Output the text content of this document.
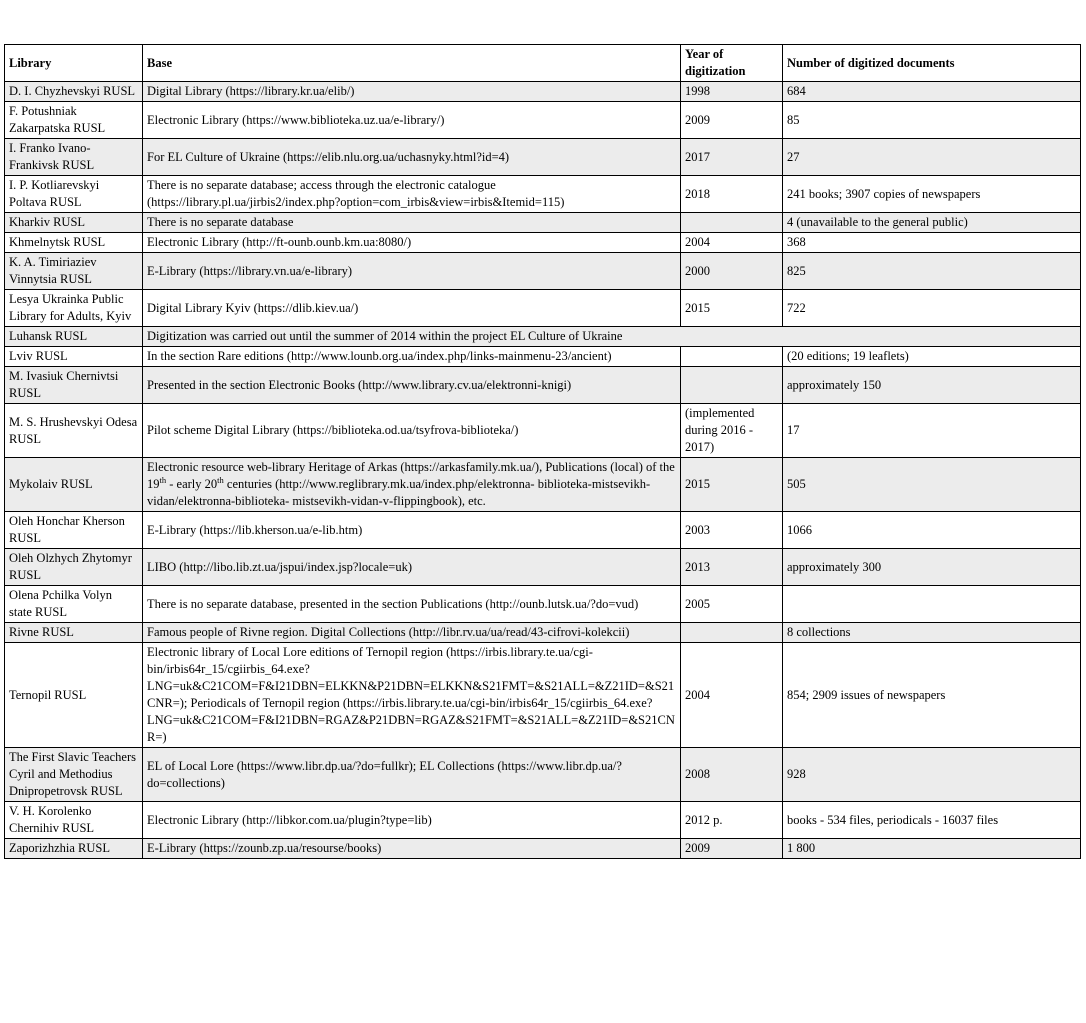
Library	Base	Year of digitization	Number of digitized documents
D. I. Chyzhevskyi RUSL	Digital Library (https://library.kr.ua/elib/)	1998	684
F. Potushniak Zakarpatska RUSL	Electronic Library (https://www.biblioteka.uz.ua/e-library/)	2009	85
I. Franko Ivano-Frankivsk RUSL	For EL Culture of Ukraine (https://elib.nlu.org.ua/uchasnyky.html?id=4)	2017	27
I. P. Kotliarevskyi Poltava RUSL	There is no separate database; access through the electronic catalogue (https://library.pl.ua/jirbis2/index.php?option=com_irbis&view=irbis&Itemid=115)	2018	241 books; 3907 copies of newspapers
Kharkiv RUSL	There is no separate database		4 (unavailable to the general public)
Khmelnytsk RUSL	Electronic Library (http://ft-ounb.ounb.km.ua:8080/)	2004	368
K. A. Timiriaziev Vinnytsia RUSL	E-Library (https://library.vn.ua/e-library)	2000	825
Lesya Ukrainka Public Library for Adults, Kyiv	Digital Library Kyiv (https://dlib.kiev.ua/)	2015	722
Luhansk RUSL	Digitization was carried out until the summer of 2014 within the project EL Culture of Ukraine		
Lviv RUSL	In the section Rare editions (http://www.lounb.org.ua/index.php/links-mainmenu-23/ancient)		(20 editions; 19 leaflets)
M. Ivasiuk Chernivtsi RUSL	Presented in the section Electronic Books (http://www.library.cv.ua/elektronni-knigi)		approximately 150
M. S. Hrushevskyi Odesa RUSL	Pilot scheme Digital Library (https://biblioteka.od.ua/tsyfrova-biblioteka/)	(implemented during 2016 - 2017)	17
Mykolaiv RUSL	Electronic resource web-library Heritage of Arkas (https://arkasfamily.mk.ua/), Publications (local) of the 19th - early 20th centuries (http://www.reglibrary.mk.ua/index.php/elektronna- biblioteka-mistsevikh-vidan/elektronna-biblioteka- mistsevikh-vidan-v-flippingbook), etc.	2015	505
Oleh Honchar Kherson RUSL	E-Library (https://lib.kherson.ua/e-lib.htm)	2003	1066
Oleh Olzhych Zhytomyr RUSL	LIBO (http://libo.lib.zt.ua/jspui/index.jsp?locale=uk)	2013	approximately 300
Olena Pchilka Volyn state RUSL	There is no separate database, presented in the section Publications (http://ounb.lutsk.ua/?do=vud)	2005	
Rivne RUSL	Famous people of Rivne region. Digital Collections (http://libr.rv.ua/ua/read/43-cifrovi-kolekcii)		8 collections
Ternopil RUSL	Electronic library of Local Lore editions of Ternopil region (https://irbis.library.te.ua/cgi-bin/irbis64r_15/cgiirbis_64.exe?LNG=uk&C21COM=F&I21DBN=ELKKN&P21DBN=ELKKN&S21FMT=&S21ALL=&Z21ID=&S21CNR=); Periodicals of Ternopil region (https://irbis.library.te.ua/cgi-bin/irbis64r_15/cgiirbis_64.exe?LNG=uk&C21COM=F&I21DBN=RGAZ&P21DBN=RGAZ&S21FMT=&S21ALL=&Z21ID=&S21CNR=)	2004	854; 2909 issues of newspapers
The First Slavic Teachers Cyril and Methodius Dnipropetrovsk RUSL	EL of Local Lore (https://www.libr.dp.ua/?do=fullkr); EL Collections (https://www.libr.dp.ua/?do=collections)	2008	928
V. H. Korolenko Chernihiv RUSL	Electronic Library (http://libkor.com.ua/plugin?type=lib)	2012 р.	books - 534 files, periodicals - 16037 files
Zaporizhzhia RUSL	E-Library (https://zounb.zp.ua/resourse/books)	2009	1 800
